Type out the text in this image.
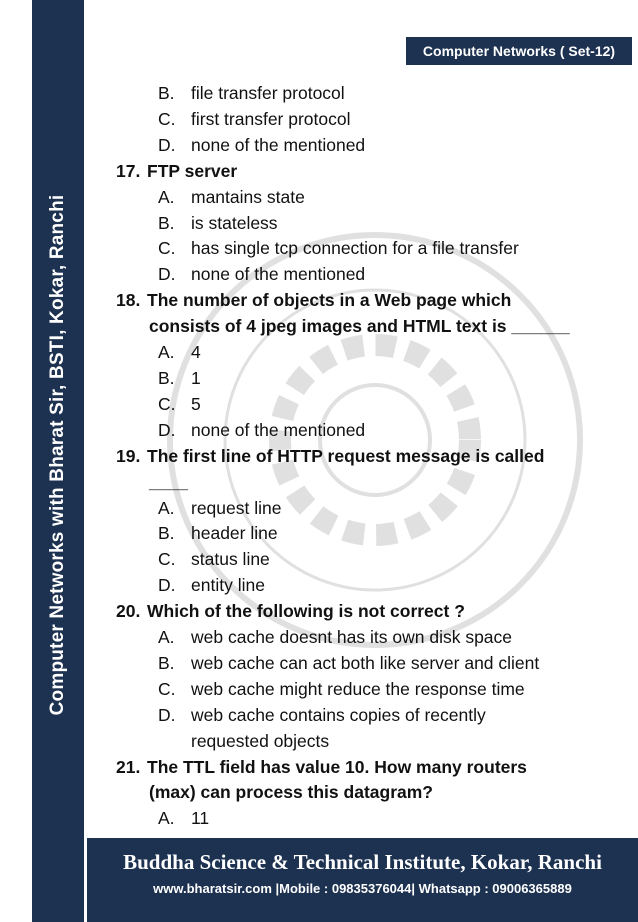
Computer Networks with Bharat Sir, BSTI, Kokar, Ranchi
Computer Networks ( Set-12)
B. file transfer protocol
C. first transfer protocol
D. none of the mentioned
17. FTP server
A. mantains state
B. is stateless
C. has single tcp connection for a file transfer
D. none of the mentioned
18. The number of objects in a Web page which
consists of 4 jpeg images and HTML text is ______
A. 4
B. 1
C. 5
D. none of the mentioned
19. The first line of HTTP request message is called
____
A. request line
B. header line
C. status line
D. entity line
20. Which of the following is not correct ?
A. web cache doesnt has its own disk space
B. web cache can act both like server and client
C. web cache might reduce the response time
D. web cache contains copies of recently
requested objects
21. The TTL field has value 10. How many routers
(max) can process this datagram?
A. 11
Buddha Science & Technical Institute, Kokar, Ranchi
www.bharatsir.com |Mobile : 09835376044| Whatsapp : 09006365889
